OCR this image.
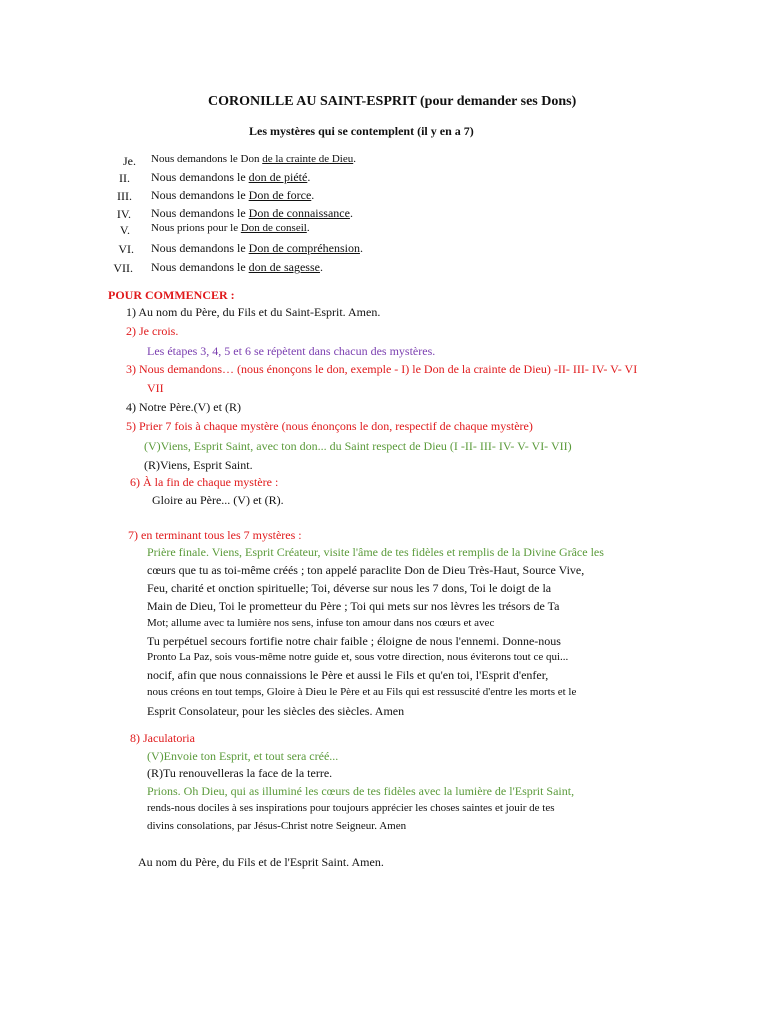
CORONILLE AU SAINT-ESPRIT (pour demander ses Dons)
Les mystères qui se contemplent (il y en a 7)
Je. Nous demandons le Don de la crainte de Dieu.
II. Nous demandons le don de piété.
III. Nous demandons le Don de force.
IV. Nous demandons le Don de connaissance.
V. Nous prions pour le Don de conseil.
VI. Nous demandons le Don de compréhension.
VII. Nous demandons le don de sagesse.
POUR COMMENCER :
1) Au nom du Père, du Fils et du Saint-Esprit. Amen.
2) Je crois.
Les étapes 3, 4, 5 et 6 se répètent dans chacun des mystères.
3) Nous demandons… (nous énonçons le don, exemple - I) le Don de la crainte de Dieu) -II- III- IV- V- VI
VII
4) Notre Père.(V) et (R)
5) Prier 7 fois à chaque mystère (nous énonçons le don, respectif de chaque mystère)
(V)Viens, Esprit Saint, avec ton don... du Saint respect de Dieu (I -II- III- IV- V- VI- VII)
(R)Viens, Esprit Saint.
6) À la fin de chaque mystère :
Gloire au Père... (V) et (R).
7) en terminant tous les 7 mystères :
Prière finale. Viens, Esprit Créateur, visite l'âme de tes fidèles et remplis de la Divine Grâce les
cœurs que tu as toi-même créés ; ton appelé paraclite Don de Dieu Très-Haut, Source Vive,
Feu, charité et onction spirituelle; Toi, déverse sur nous les 7 dons, Toi le doigt de la
Main de Dieu, Toi le prometteur du Père ; Toi qui mets sur nos lèvres les trésors de Ta
Mot; allume avec ta lumière nos sens, infuse ton amour dans nos cœurs et avec
Tu perpétuel secours fortifie notre chair faible ; éloigne de nous l'ennemi. Donne-nous
Pronto La Paz, sois vous-même notre guide et, sous votre direction, nous éviterons tout ce qui...
nocif, afin que nous connaissions le Père et aussi le Fils et qu'en toi, l'Esprit d'enfer,
nous créons en tout temps, Gloire à Dieu le Père et au Fils qui est ressuscité d'entre les morts et le
Esprit Consolateur, pour les siècles des siècles. Amen
8) Jaculatoria
(V)Envoie ton Esprit, et tout sera créé...
(R)Tu renouvelleras la face de la terre.
Prions. Oh Dieu, qui as illuminé les cœurs de tes fidèles avec la lumière de l'Esprit Saint,
rends-nous dociles à ses inspirations pour toujours apprécier les choses saintes et jouir de tes
divins consolations, par Jésus-Christ notre Seigneur. Amen
Au nom du Père, du Fils et de l'Esprit Saint. Amen.
